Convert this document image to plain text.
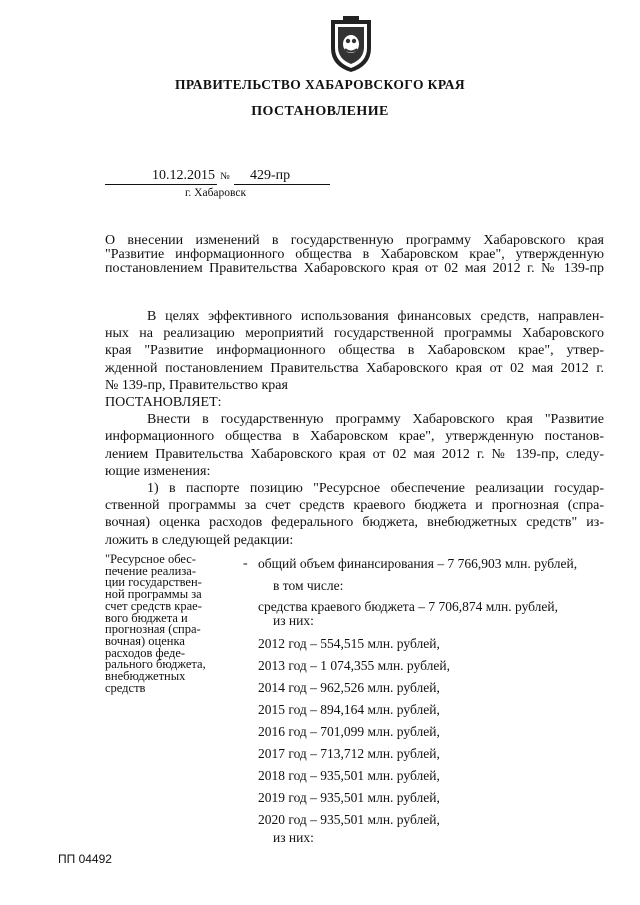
ПРАВИТЕЛЬСТВО ХАБАРОВСКОГО КРАЯ
ПОСТАНОВЛЕНИЕ
10.12.2015 № 429-пр
г. Хабаровск
О внесении изменений в государственную программу Хабаровского края
"Развитие информационного общества в Хабаровском крае", утвержденную
постановлением Правительства Хабаровского края от 02 мая 2012 г. № 139-пр
В целях эффективного использования финансовых средств, направлен-
ных на реализацию мероприятий государственной программы Хабаровского
края "Развитие информационного общества в Хабаровском крае", утвер-
жденной постановлением Правительства Хабаровского края от 02 мая 2012 г.
№ 139-пр, Правительство края
ПОСТАНОВЛЯЕТ:
Внести в государственную программу Хабаровского края "Развитие
информационного общества в Хабаровском крае", утвержденную постанов-
лением Правительства Хабаровского края от 02 мая 2012 г. № 139-пр, следу-
ющие изменения:
1) в паспорте позицию "Ресурсное обеспечение реализации государ-
ственной программы за счет средств краевого бюджета и прогнозная (спра-
вочная) оценка расходов федерального бюджета, внебюджетных средств" из-
ложить в следующей редакции:
"Ресурсное обес-
печение реализа-
ции государствен-
ной программы за
счет средств крае-
вого бюджета и
прогнозная (спра-
вочная) оценка
расходов феде-
рального бюджета,
внебюджетных
средств
- общий объем финансирования – 7 766,903 млн. рублей,
в том числе:
средства краевого бюджета – 7 706,874 млн. рублей,
из них:
2012 год – 554,515 млн. рублей,
2013 год – 1 074,355 млн. рублей,
2014 год – 962,526 млн. рублей,
2015 год – 894,164 млн. рублей,
2016 год – 701,099 млн. рублей,
2017 год – 713,712 млн. рублей,
2018 год – 935,501 млн. рублей,
2019 год – 935,501 млн. рублей,
2020 год – 935,501 млн. рублей,
из них:
ПП 04492
